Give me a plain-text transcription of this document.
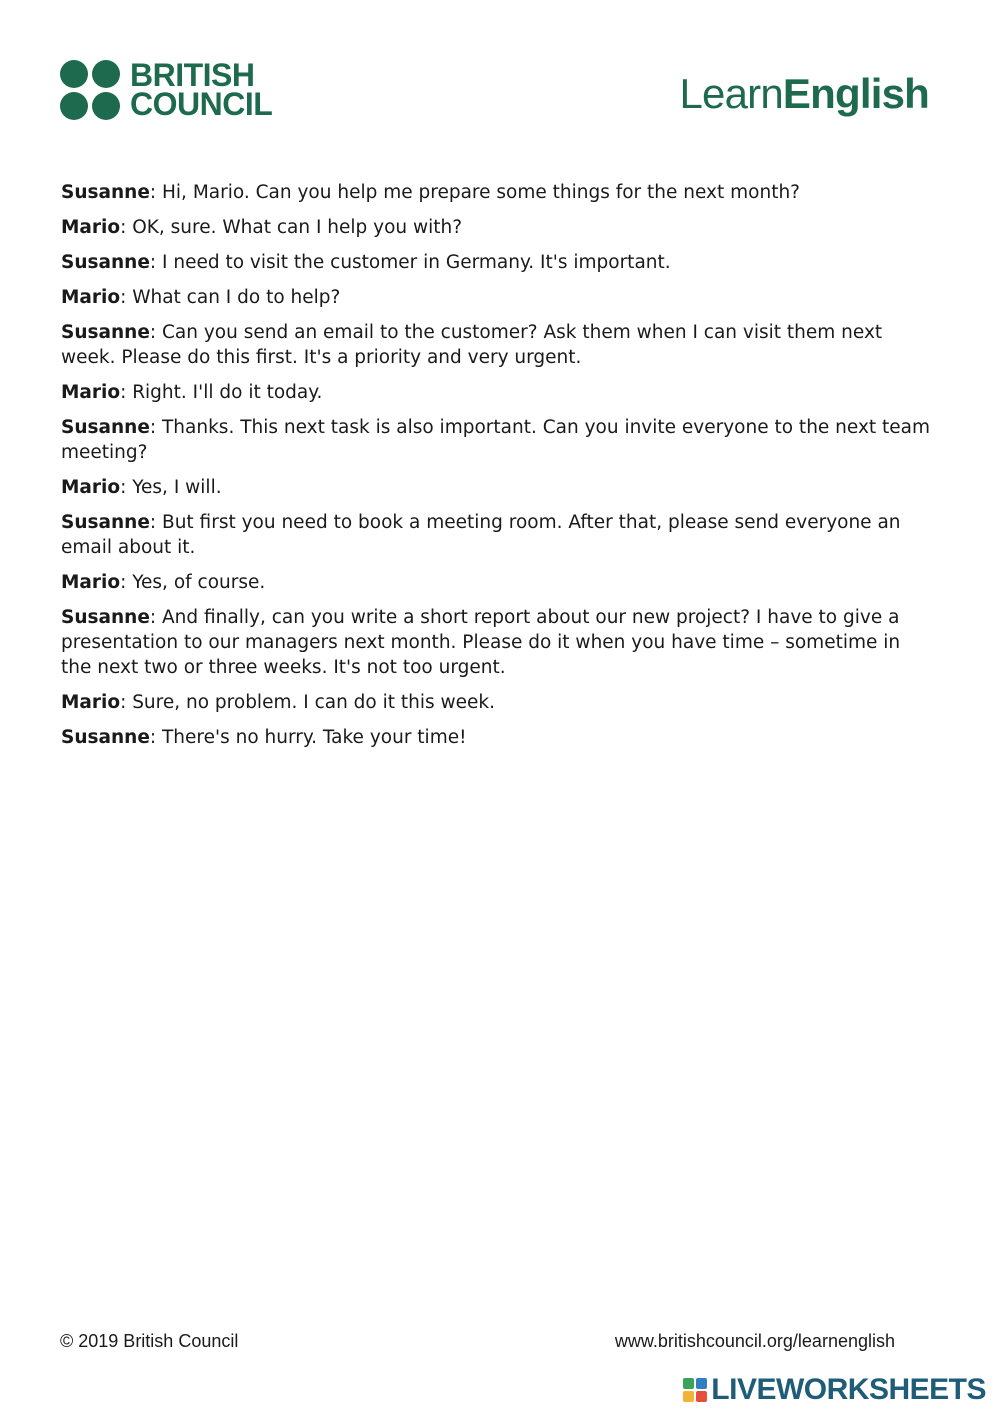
BRITISH
COUNCIL	LearnEnglish

Susanne: Hi, Mario. Can you help me prepare some things for the next month?

Mario: OK, sure. What can I help you with?

Susanne: I need to visit the customer in Germany. It's important.

Mario: What can I do to help?

Susanne: Can you send an email to the customer? Ask them when I can visit them next week. Please do this first. It's a priority and very urgent.

Mario: Right. I'll do it today.

Susanne: Thanks. This next task is also important. Can you invite everyone to the next team meeting?

Mario: Yes, I will.

Susanne: But first you need to book a meeting room. After that, please send everyone an email about it.

Mario: Yes, of course.

Susanne: And finally, can you write a short report about our new project? I have to give a presentation to our managers next month. Please do it when you have time – sometime in the next two or three weeks. It's not too urgent.

Mario: Sure, no problem. I can do it this week.

Susanne: There's no hurry. Take your time!

© 2019 British Council	www.britishcouncil.org/learnenglish
LIVEWORKSHEETS
